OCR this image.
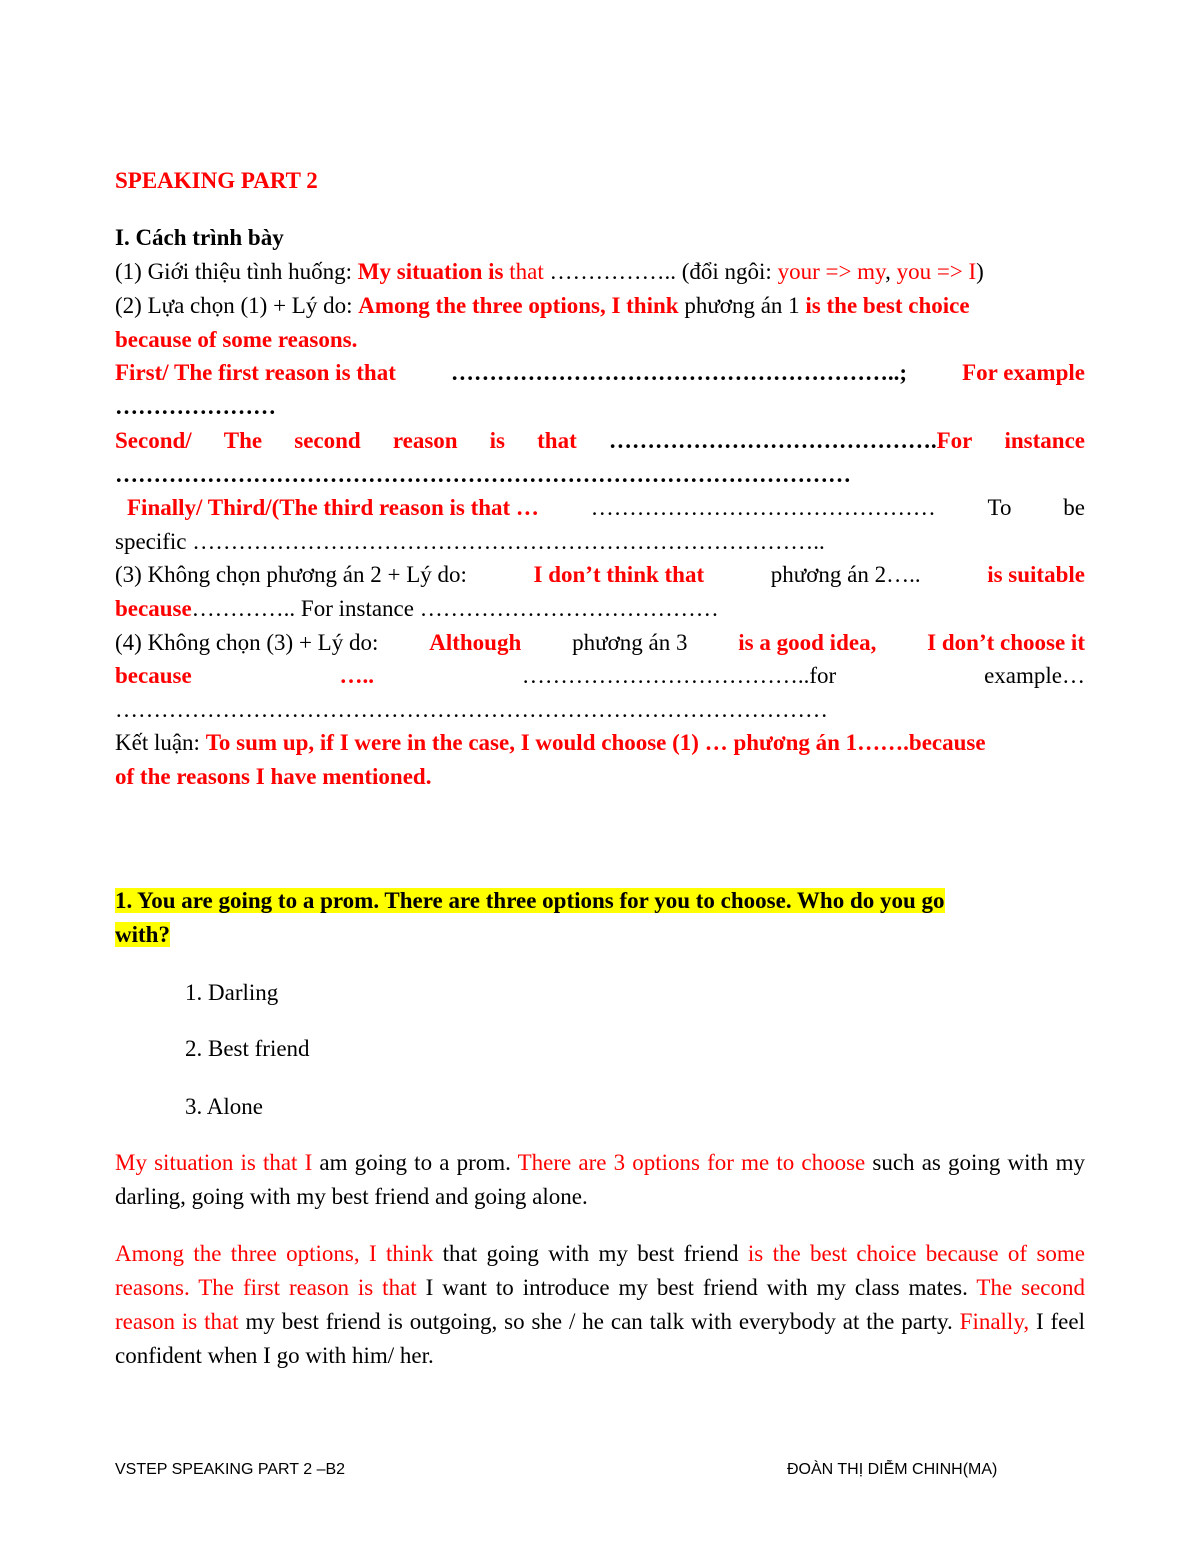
SPEAKING PART 2
I. Cách trình bày
(1) Giới thiệu tình huống: My situation is that …………….. (đổi ngôi: your => my, you => I)
(2) Lựa chọn (1) + Lý do: Among the three options, I think phương án 1 is the best choice
because of some reasons.
First/ The first reason is that …………………………………………………..; For example
…………………
Second/ The second reason is that …………………………………….For instance
……………………………………………………………………………………
Finally/ Third/(The third reason is that … ……………………………………… To be
specific ………………………………………………………………………..
(3) Không chọn phương án 2 + Lý do:	I don’t think that	phương án 2…..	is suitable
because………….. For instance …………………………………
(4) Không chọn (3) + Lý do: Although phương án 3 is a good idea, I don’t choose it
because	…..	………………………………..for	example…
…………………………………………………………………………………
Kết luận: To sum up, if I were in the case, I would choose (1) … phương án 1…….because
of the reasons I have mentioned.
1. You are going to a prom. There are three options for you to choose. Who do you go
with?
1. Darling
2. Best friend
3. Alone
My situation is that I am going to a prom. There are 3 options for me to choose such as going with my darling, going with my best friend and going alone.
Among the three options, I think that going with my best friend is the best choice because of some reasons. The first reason is that I want to introduce my best friend with my class mates. The second reason is that my best friend is outgoing, so she / he can talk with everybody at the party. Finally, I feel confident when I go with him/ her.
VSTEP SPEAKING PART 2 –B2	ĐOÀN THỊ DIỄM CHINH(MA)
